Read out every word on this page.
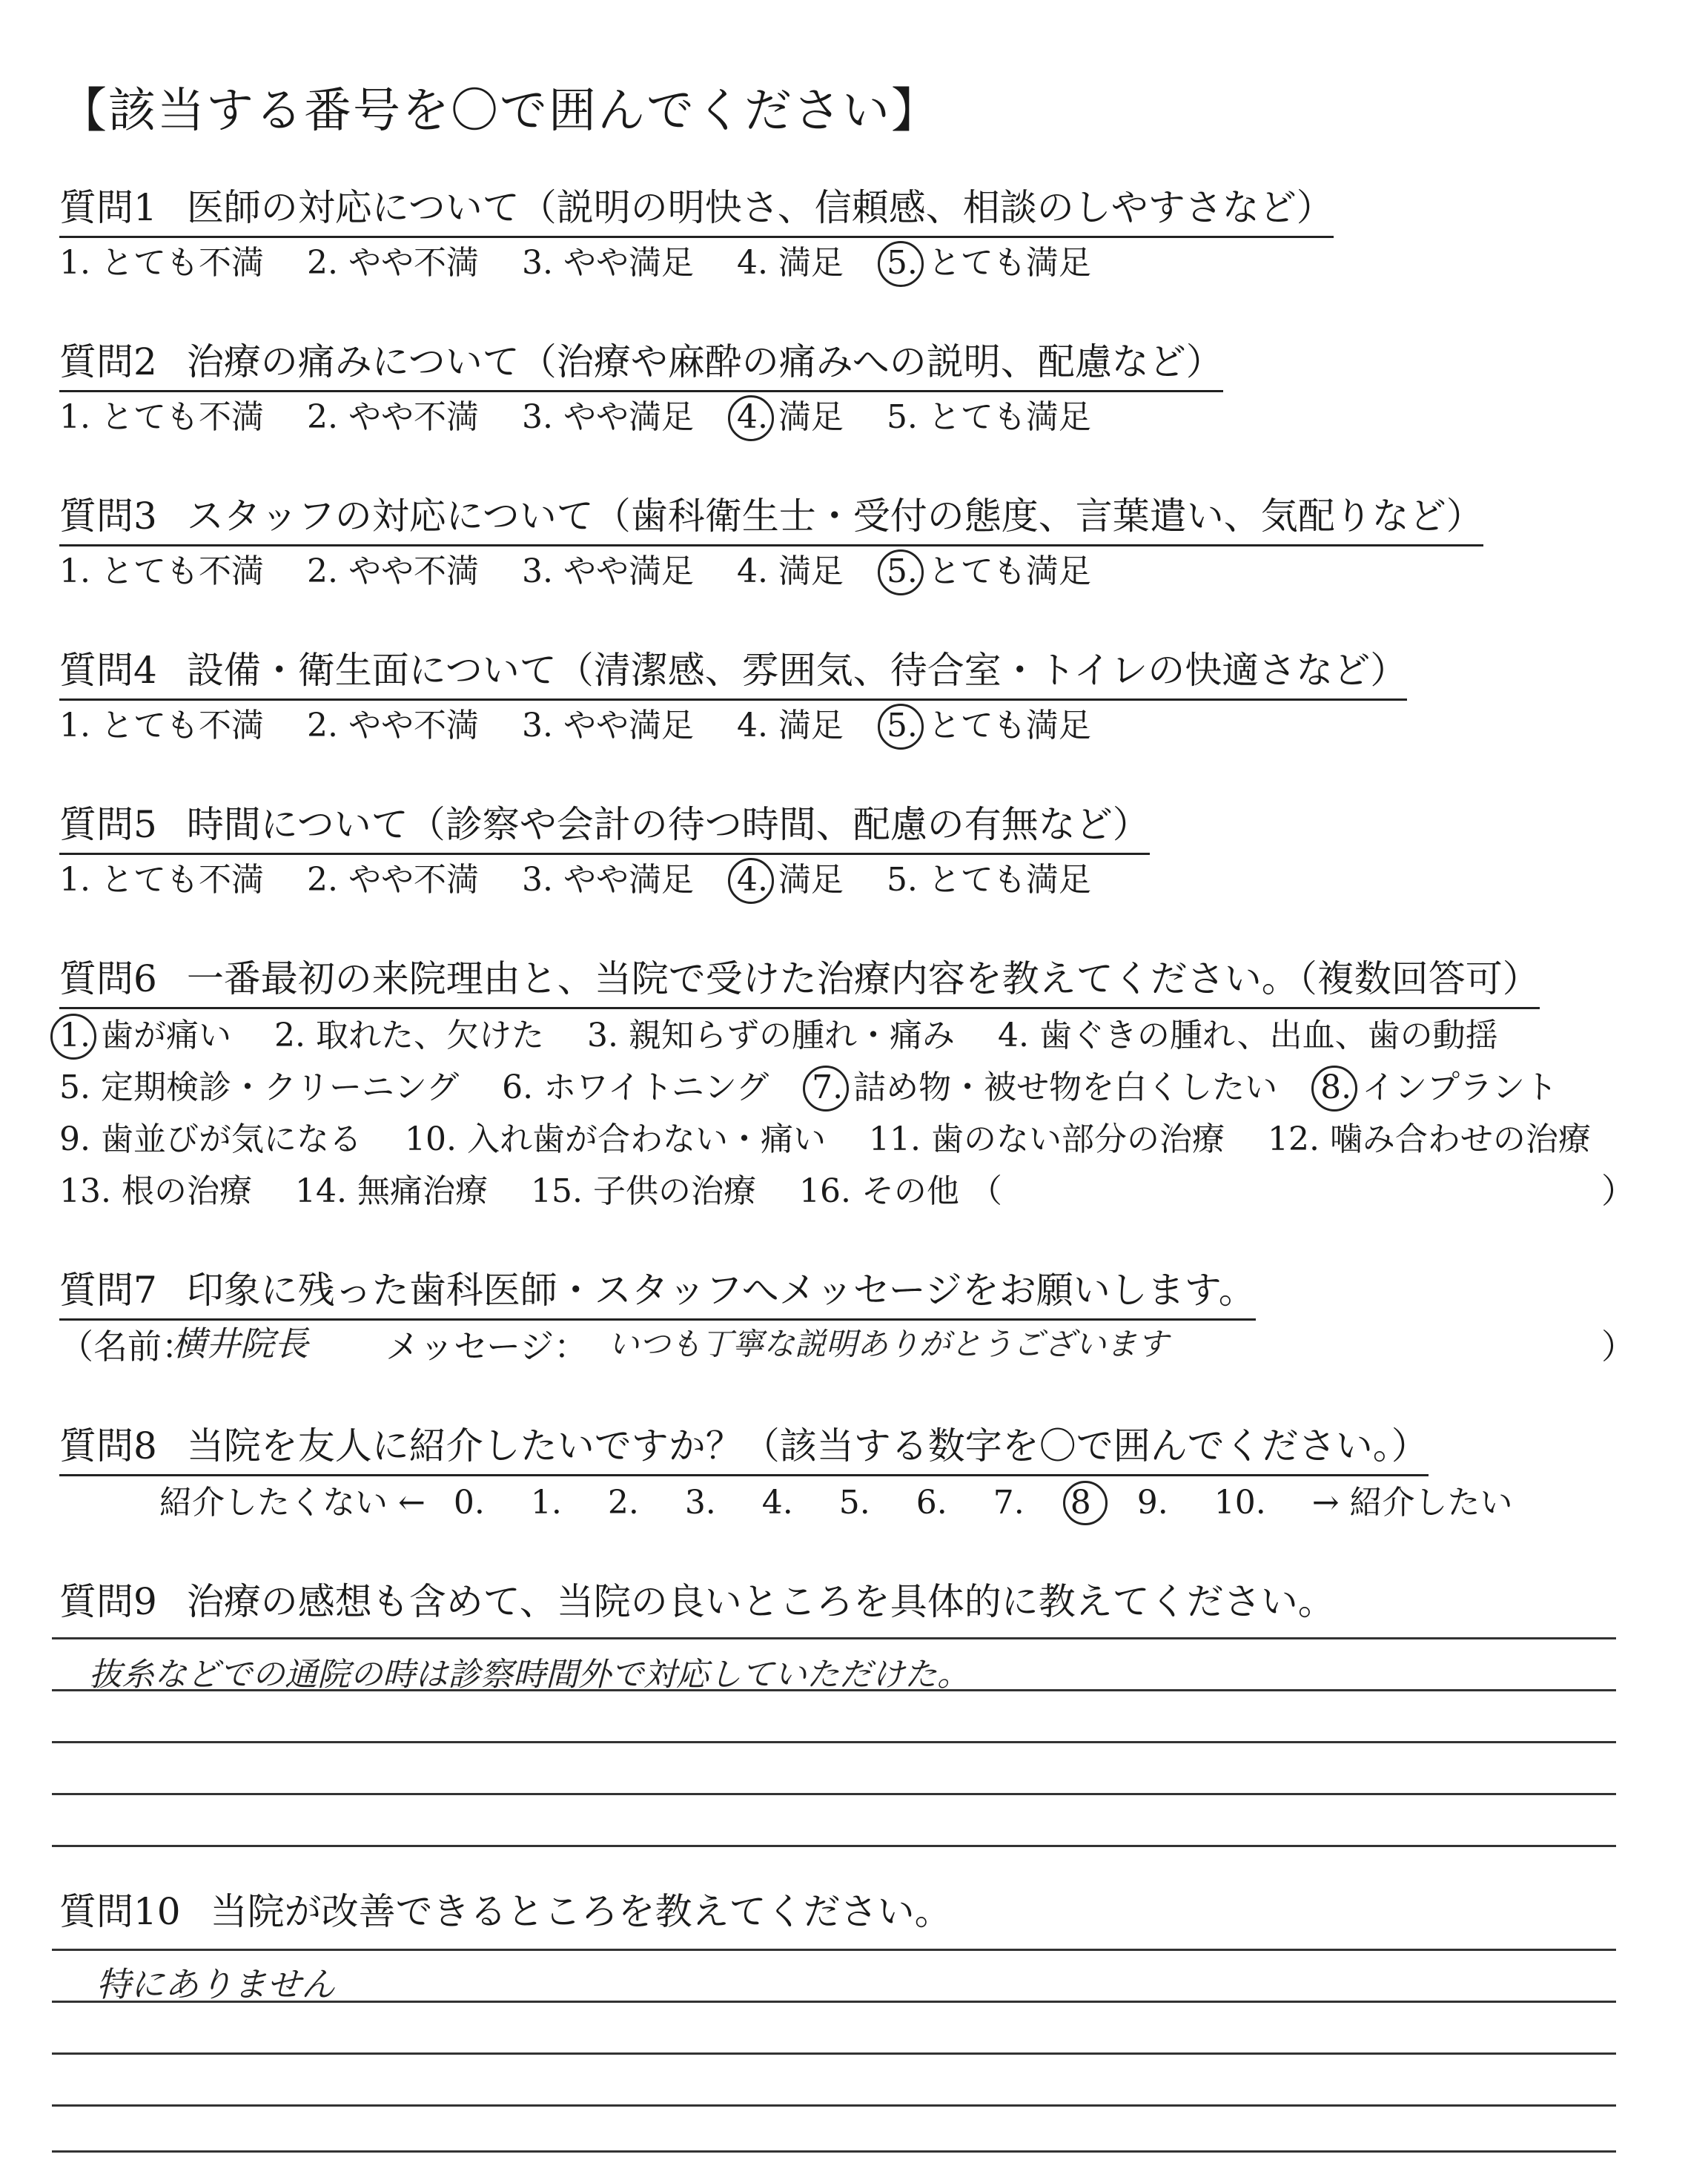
【該当する番号を〇で囲んでください】
質問1 医師の対応について（説明の明快さ、信頼感、相談のしやすさなど）
1. とても不満 2. やや不満 3. やや満足 4. 満足 5. とても満足
質問2 治療の痛みについて（治療や麻酔の痛みへの説明、配慮など）
1. とても不満 2. やや不満 3. やや満足 4. 満足 5. とても満足
質問3 スタッフの対応について（歯科衛生士・受付の態度、言葉遣い、気配りなど）
1. とても不満 2. やや不満 3. やや満足 4. 満足 5. とても満足
質問4 設備・衛生面について（清潔感、雰囲気、待合室・トイレの快適さなど）
1. とても不満 2. やや不満 3. やや満足 4. 満足 5. とても満足
質問5 時間について（診察や会計の待つ時間、配慮の有無など）
1. とても不満 2. やや不満 3. やや満足 4. 満足 5. とても満足
質問6 一番最初の来院理由と、当院で受けた治療内容を教えてください。（複数回答可）
1. 歯が痛い 2. 取れた、欠けた 3. 親知らずの腫れ・痛み 4. 歯ぐきの腫れ、出血、歯の動揺
5. 定期検診・クリーニング 6. ホワイトニング 7. 詰め物・被せ物を白くしたい 8. インプラント
9. 歯並びが気になる 10. 入れ歯が合わない・痛い 11. 歯のない部分の治療 12. 噛み合わせの治療
13. 根の治療 14. 無痛治療 15. 子供の治療 16. その他 （	）
質問7 印象に残った歯科医師・スタッフへメッセージをお願いします。
（名前：
横井院長 メッセージ： いつも丁寧な説明ありがとうございます	）
質問8 当院を友人に紹介したいですか？（該当する数字を〇で囲んでください。）
紹介したくない ← 0. 1. 2. 3. 4. 5. 6. 7. 8 9. 10. → 紹介したい
質問9 治療の感想も含めて、当院の良いところを具体的に教えてください。
抜糸などでの通院の時は診察時間外で対応していただけた。
質問10 当院が改善できるところを教えてください。
特にありません
